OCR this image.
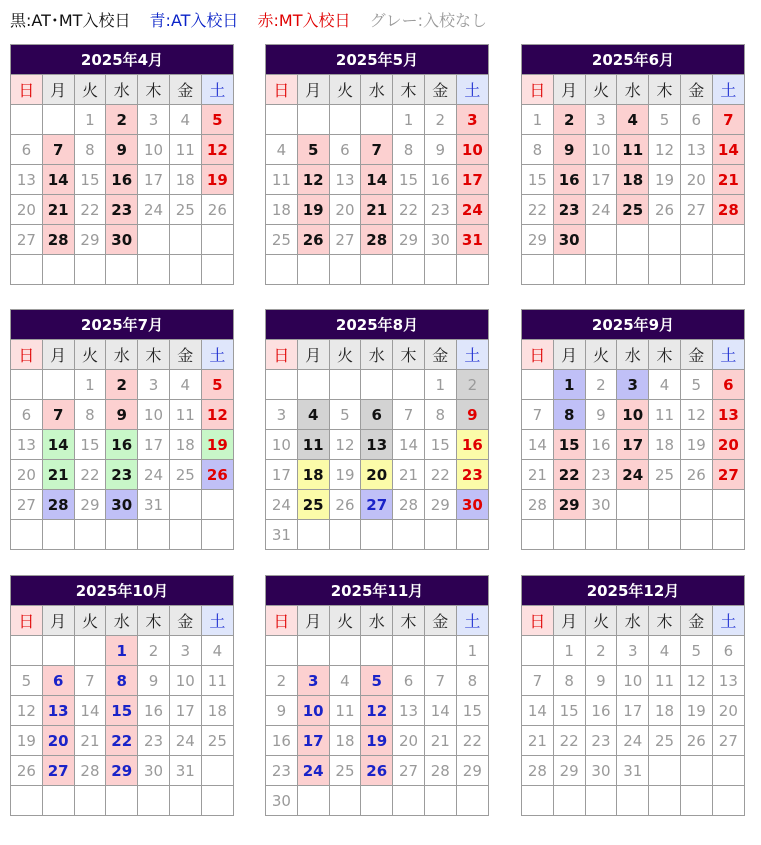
黒:AT･MT入校日 青:AT入校日 赤:MT入校日 グレー:入校なし
2025年4月						
日	月	火	水	木	金	土
		1	2	3	4	5
6	7	8	9	10	11	12
13	14	15	16	17	18	19
20	21	22	23	24	25	26
27	28	29	30			

2025年5月						
日	月	火	水	木	金	土
				1	2	3
4	5	6	7	8	9	10
11	12	13	14	15	16	17
18	19	20	21	22	23	24
25	26	27	28	29	30	31

2025年6月						
日	月	火	水	木	金	土
1	2	3	4	5	6	7
8	9	10	11	12	13	14
15	16	17	18	19	20	21
22	23	24	25	26	27	28
29	30					

2025年7月						
日	月	火	水	木	金	土
		1	2	3	4	5
6	7	8	9	10	11	12
13	14	15	16	17	18	19
20	21	22	23	24	25	26
27	28	29	30	31		

2025年8月						
日	月	火	水	木	金	土
					1	2
3	4	5	6	7	8	9
10	11	12	13	14	15	16
17	18	19	20	21	22	23
24	25	26	27	28	29	30
31						
2025年9月						
日	月	火	水	木	金	土
	1	2	3	4	5	6
7	8	9	10	11	12	13
14	15	16	17	18	19	20
21	22	23	24	25	26	27
28	29	30				

2025年10月						
日	月	火	水	木	金	土
			1	2	3	4
5	6	7	8	9	10	11
12	13	14	15	16	17	18
19	20	21	22	23	24	25
26	27	28	29	30	31	

2025年11月						
日	月	火	水	木	金	土
						1
2	3	4	5	6	7	8
9	10	11	12	13	14	15
16	17	18	19	20	21	22
23	24	25	26	27	28	29
30						
2025年12月						
日	月	火	水	木	金	土
	1	2	3	4	5	6
7	8	9	10	11	12	13
14	15	16	17	18	19	20
21	22	23	24	25	26	27
28	29	30	31			
